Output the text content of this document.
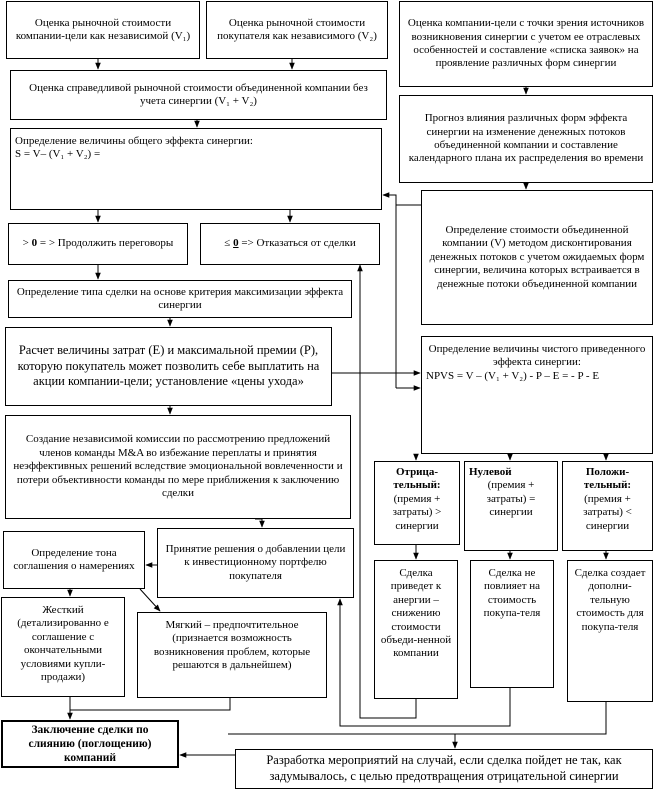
Оценка рыночной стоимости компании-цели как независимой (V₁)
Оценка рыночной стоимости покупателя как независимого (V₂)
Оценка компании-цели с точки зрения источников возникновения синергии с учетом ее отраслевых особенностей и составление «списка заявок» на проявление различных форм синергии
Оценка справедливой рыночной стоимости объединенной компании без учета синергии (V₁ + V₂)
Прогноз влияния различных форм эффекта синергии на изменение денежных потоков объединенной компании и составление календарного плана их распределения во времени
Определение величины общего эффекта синергии:
S = V– (V₁ + V₂) =
Определение стоимости объединенной компании (V) методом дисконтирования денежных потоков с учетом ожидаемых форм синергии, величина которых встраивается в денежные потоки объединенной компании
> 0 = > Продолжить переговоры	≤ 0 => Отказаться от сделки
Определение типа сделки на основе критерия максимизации эффекта синергии
Расчет величины затрат (Е) и максимальной премии (Р), которую покупатель может позволить себе выплатить на акции компании-цели; установление «цены ухода»
Определение величины чистого приведенного эффекта синергии:
NPVS = V – (V₁ + V₂) - P – E = - P - E
Создание независимой комиссии по рассмотрению предложений членов команды M&A во избежание переплаты и принятия неэффективных решений вследствие эмоциональной вовлеченности и потери объективности команды по мере приближения к заключению сделки
Отрица-тельный:
(премия + затраты) > синергии
Нулевой
(премия + затраты) = синергии
Положи-тельный:
(премия + затраты) < синергии
Определение тона соглашения о намерениях
Принятие решения о добавлении цели к инвестиционному портфелю покупателя	Сделка приведет к анергии – снижению стоимости объеди-ненной компании
Сделка не повлияет на стоимость покупа-теля
Сделка создает дополни-тельную стоимость для покупа-теля
Жесткий (детализированно е соглашение с окончательными условиями купли-продажи)
Мягкий – предпочтительное (признается возможность возникновения проблем, которые решаются в дальнейшем)
Заключение сделки по слиянию (поглощению) компаний	Разработка мероприятий на случай, если сделка пойдет не так, как задумывалось, с целью предотвращения отрицательной синергии
